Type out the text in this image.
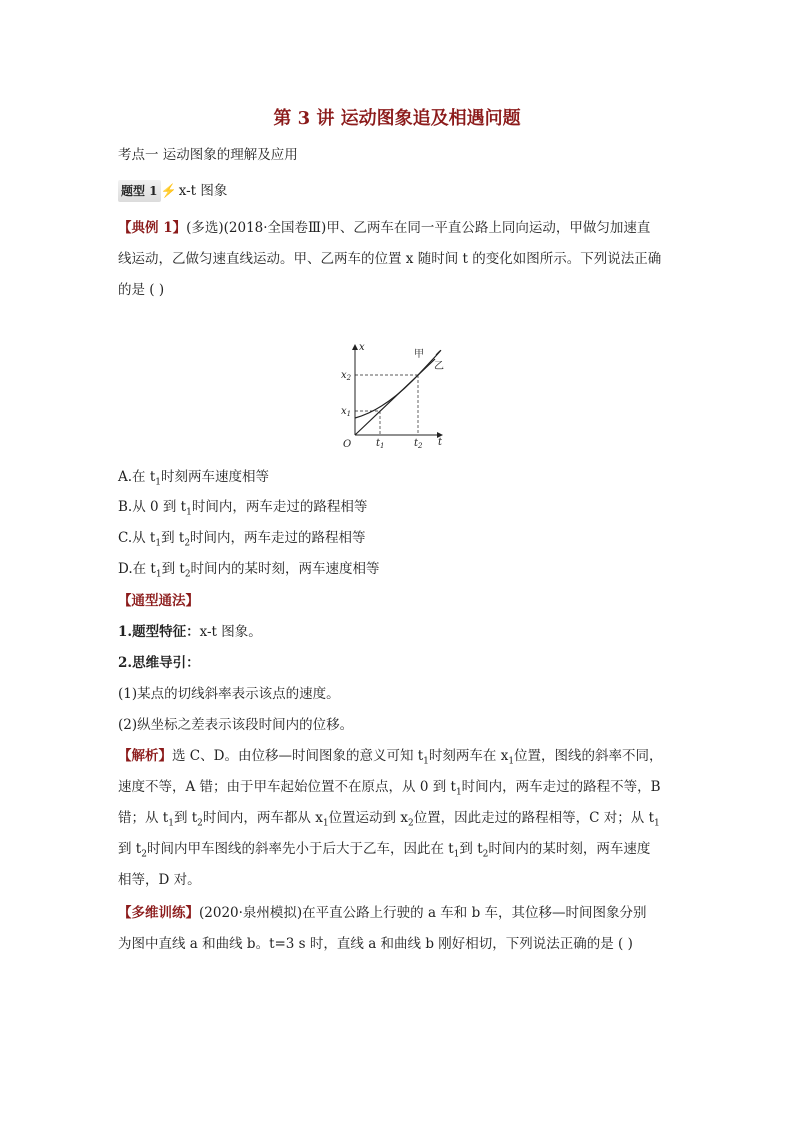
第 3 讲 运动图象追及相遇问题
考点一 运动图象的理解及应用
题型 1 ⚡ x-t 图象
【典例 1】(多选)(2018·全国卷Ⅲ)甲、乙两车在同一平直公路上同向运动，甲做匀加速直
线运动，乙做匀速直线运动。甲、乙两车的位置 x 随时间 t 的变化如图所示。下列说法正确
的是 ( )
x
t
O
$x_1$
$x_2$
$t_1$	$t_2$
甲
乙
A.在 $t_1$时刻两车速度相等
B.从 0 到 $t_1$时间内，两车走过的路程相等
C.从 $t_1$到 $t_2$时间内，两车走过的路程相等
D.在 $t_1$到 $t_2$时间内的某时刻，两车速度相等
【通型通法】
1.题型特征：x-t 图象。
2.思维导引：
(1)某点的切线斜率表示该点的速度。
(2)纵坐标之差表示该段时间内的位移。
【解析】选 C、D。由位移—时间图象的意义可知 $t_1$时刻两车在 $x_1$位置，图线的斜率不同，
速度不等，A 错；由于甲车起始位置不在原点，从 0 到 $t_1$时间内，两车走过的路程不等，B
错；从 $t_1$到 $t_2$时间内，两车都从 $x_1$位置运动到 $x_2$位置，因此走过的路程相等，C 对；从 $t_1$
到 $t_2$时间内甲车图线的斜率先小于后大于乙车，因此在 $t_1$到 $t_2$时间内的某时刻，两车速度
相等，D 对。
【多维训练】(2020·泉州模拟)在平直公路上行驶的 a 车和 b 车，其位移—时间图象分别
为图中直线 a 和曲线 b。t=3 s 时，直线 a 和曲线 b 刚好相切，下列说法正确的是 ( )
